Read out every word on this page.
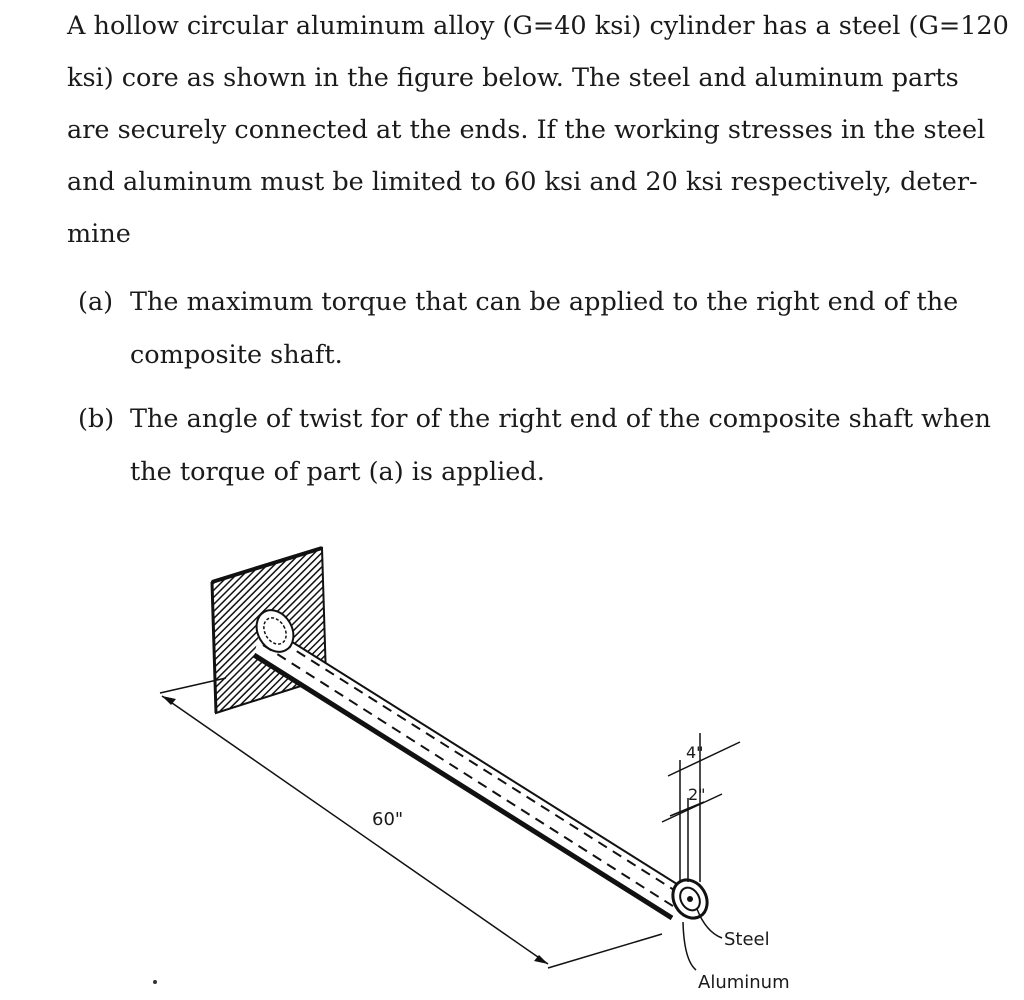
A hollow circular aluminum alloy (G=40 ksi) cylinder has a steel (G=120
ksi) core as shown in the figure below. The steel and aluminum parts
are securely connected at the ends. If the working stresses in the steel
and aluminum must be limited to 60 ksi and 20 ksi respectively, deter-
mine
(a) The maximum torque that can be applied to the right end of the
composite shaft.
(b) The angle of twist for of the right end of the composite shaft when
the torque of part (a) is applied.
60"
4"
2"
Steel
Aluminum
